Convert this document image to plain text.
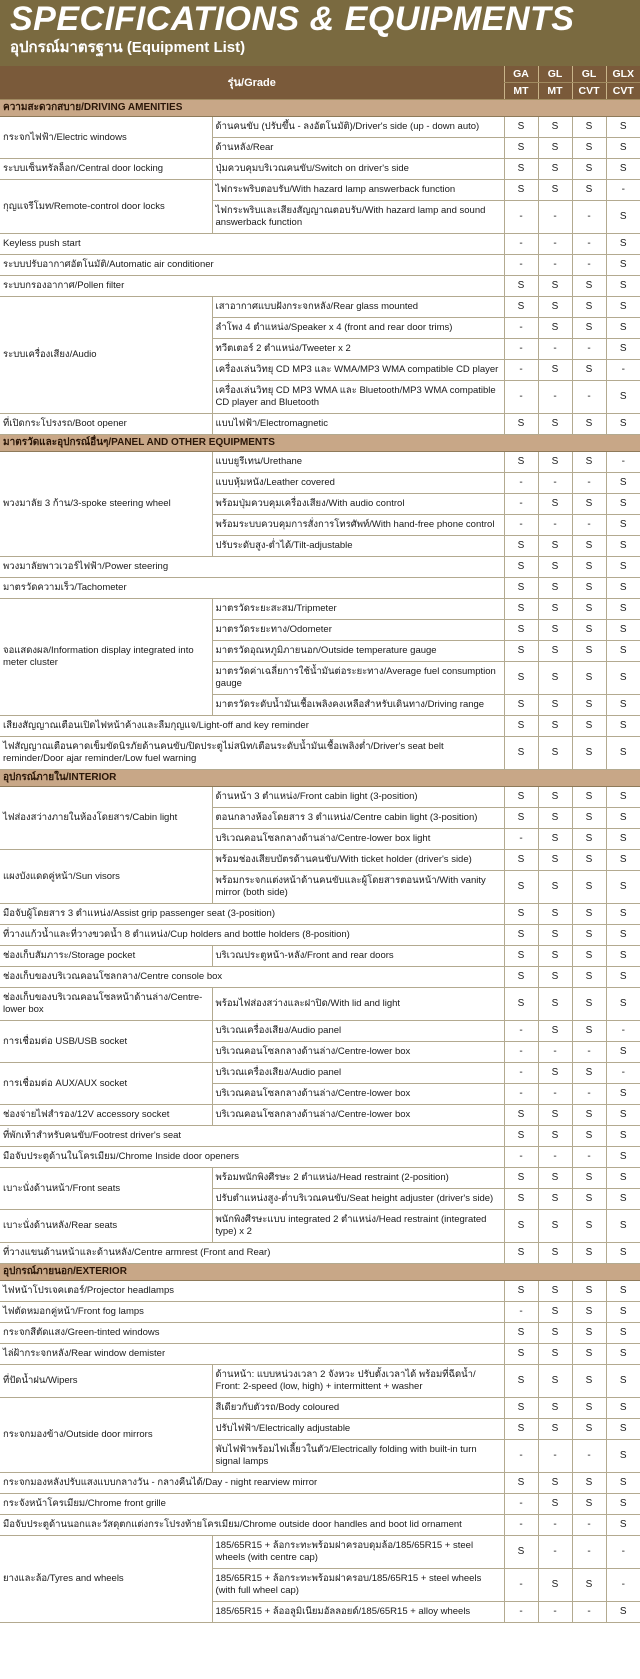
SPECIFICATIONS & EQUIPMENTS
อุปกรณ์มาตรฐาน (Equipment List)
รุ่น/Grade		GA	GL	GL	GLX
		MT	MT	CVT	CVT
ความสะดวกสบาย/DRIVING AMENITIES					
กระจกไฟฟ้า/Electric windows	ด้านคนขับ (ปรับขึ้น - ลงอัตโนมัติ)/Driver's side (up - down auto)	S	S	S	S
	ด้านหลัง/Rear	S	S	S	S
ระบบเซ็นทรัลล็อก/Central door locking	ปุ่มควบคุมบริเวณคนขับ/Switch on driver's side	S	S	S	S
กุญแจรีโมท/Remote-control door locks	ไฟกระพริบตอบรับ/With hazard lamp answerback function	S	S	S	-
	ไฟกระพริบและเสียงสัญญาณตอบรับ/With hazard lamp and sound answerback function	-	-	-	S
Keyless push start		-	-	-	S
ระบบปรับอากาศอัตโนมัติ/Automatic air conditioner		-	-	-	S
ระบบกรองอากาศ/Pollen filter		S	S	S	S
ระบบเครื่องเสียง/Audio	เสาอากาศแบบฝังกระจกหลัง/Rear glass mounted	S	S	S	S
	ลำโพง 4 ตำแหน่ง/Speaker x 4 (front and rear door trims)	-	S	S	S
	ทวีตเตอร์ 2 ตำแหน่ง/Tweeter x 2	-	-	-	S
	เครื่องเล่นวิทยุ CD MP3 และ WMA/MP3 WMA compatible CD player	-	S	S	-
	เครื่องเล่นวิทยุ CD MP3 WMA และ Bluetooth/MP3 WMA compatible CD player and Bluetooth	-	-	-	S
ที่เปิดกระโปรงรถ/Boot opener	แบบไฟฟ้า/Electromagnetic	S	S	S	S
มาตรวัดและอุปกรณ์อื่นๆ/PANEL AND OTHER EQUIPMENTS					
พวงมาลัย 3 ก้าน/3-spoke steering wheel	แบบยูรีเทน/Urethane	S	S	S	-
	แบบหุ้มหนัง/Leather covered	-	-	-	S
	พร้อมปุ่มควบคุมเครื่องเสียง/With audio control	-	S	S	S
	พร้อมระบบควบคุมการสั่งการโทรศัพท์/With hand-free phone control	-	-	-	S
	ปรับระดับสูง-ต่ำได้/Tilt-adjustable	S	S	S	S
พวงมาลัยพาวเวอร์ไฟฟ้า/Power steering		S	S	S	S
มาตรวัดความเร็ว/Tachometer		S	S	S	S
จอแสดงผล/Information display integrated into meter cluster	มาตรวัดระยะสะสม/Tripmeter	S	S	S	S
	มาตรวัดระยะทาง/Odometer	S	S	S	S
	มาตรวัดอุณหภูมิภายนอก/Outside temperature gauge	S	S	S	S
	มาตรวัดค่าเฉลี่ยการใช้น้ำมันต่อระยะทาง/Average fuel consumption gauge	S	S	S	S
	มาตรวัดระดับน้ำมันเชื้อเพลิงคงเหลือสำหรับเดินทาง/Driving range	S	S	S	S
เสียงสัญญาณเตือนเปิดไฟหน้าค้างและลืมกุญแจ/Light-off and key reminder		S	S	S	S
ไฟสัญญาณเตือนคาดเข็มขัดนิรภัยด้านคนขับ/ปิดประตูไม่สนิท/เตือนระดับน้ำมันเชื้อเพลิงต่ำ/Driver's seat belt reminder/Door ajar reminder/Low fuel warning		S	S	S	S
อุปกรณ์ภายใน/INTERIOR					
ไฟส่องสว่างภายในห้องโดยสาร/Cabin light	ด้านหน้า 3 ตำแหน่ง/Front cabin light (3-position)	S	S	S	S
	ตอนกลางห้องโดยสาร 3 ตำแหน่ง/Centre cabin light (3-position)	S	S	S	S
	บริเวณคอนโซลกลางด้านล่าง/Centre-lower box light	-	S	S	S
แผงบังแดดคู่หน้า/Sun visors	พร้อมช่องเสียบบัตรด้านคนขับ/With ticket holder (driver's side)	S	S	S	S
	พร้อมกระจกแต่งหน้าด้านคนขับและผู้โดยสารตอนหน้า/With vanity mirror (both side)	S	S	S	S
มือจับผู้โดยสาร 3 ตำแหน่ง/Assist grip passenger seat (3-position)		S	S	S	S
ที่วางแก้วน้ำและที่วางขวดน้ำ 8 ตำแหน่ง/Cup holders and bottle holders (8-position)		S	S	S	S
ช่องเก็บสัมภาระ/Storage pocket	บริเวณประตูหน้า-หลัง/Front and rear doors	S	S	S	S
ช่องเก็บของบริเวณคอนโซลกลาง/Centre console box		S	S	S	S
ช่องเก็บของบริเวณคอนโซลหน้าด้านล่าง/Centre-lower box	พร้อมไฟส่องสว่างและฝาปิด/With lid and light	S	S	S	S
การเชื่อมต่อ USB/USB socket	บริเวณเครื่องเสียง/Audio panel	-	S	S	-
	บริเวณคอนโซลกลางด้านล่าง/Centre-lower box	-	-	-	S
การเชื่อมต่อ AUX/AUX socket	บริเวณเครื่องเสียง/Audio panel	-	S	S	-
	บริเวณคอนโซลกลางด้านล่าง/Centre-lower box	-	-	-	S
ช่องจ่ายไฟสำรอง/12V accessory socket	บริเวณคอนโซลกลางด้านล่าง/Centre-lower box	S	S	S	S
ที่พักเท้าสำหรับคนขับ/Footrest driver's seat		S	S	S	S
มือจับประตูด้านในโครเมียม/Chrome Inside door openers		-	-	-	S
เบาะนั่งด้านหน้า/Front seats	พร้อมพนักพิงศีรษะ 2 ตำแหน่ง/Head restraint (2-position)	S	S	S	S
	ปรับตำแหน่งสูง-ต่ำบริเวณคนขับ/Seat height adjuster (driver's side)	S	S	S	S
เบาะนั่งด้านหลัง/Rear seats	พนักพิงศีรษะแบบ integrated 2 ตำแหน่ง/Head restraint (integrated type) x 2	S	S	S	S
ที่วางแขนด้านหน้าและด้านหลัง/Centre armrest (Front and Rear)		S	S	S	S
อุปกรณ์ภายนอก/EXTERIOR					
ไฟหน้าโปรเจคเตอร์/Projector headlamps		S	S	S	S
ไฟตัดหมอกคู่หน้า/Front fog lamps		-	S	S	S
กระจกสีตัดแสง/Green-tinted windows		S	S	S	S
ไล่ฝ้ากระจกหลัง/Rear window demister		S	S	S	S
ที่ปัดน้ำฝน/Wipers	ด้านหน้า: แบบหน่วงเวลา 2 จังหวะ ปรับตั้งเวลาได้ พร้อมที่ฉีดน้ำ/ Front: 2-speed (low, high) + intermittent + washer	S	S	S	S
กระจกมองข้าง/Outside door mirrors	สีเดียวกับตัวรถ/Body coloured	S	S	S	S
	ปรับไฟฟ้า/Electrically adjustable	S	S	S	S
	พับไฟฟ้าพร้อมไฟเลี้ยวในตัว/Electrically folding with built-in turn signal lamps	-	-	-	S
กระจกมองหลังปรับแสงแบบกลางวัน - กลางคืนได้/Day - night rearview mirror		S	S	S	S
กระจังหน้าโครเมียม/Chrome front grille		-	S	S	S
มือจับประตูด้านนอกและวัสดุตกแต่งกระโปรงท้ายโครเมียม/Chrome outside door handles and boot lid ornament		-	-	-	S
ยางและล้อ/Tyres and wheels	185/65R15 + ล้อกระทะพร้อมฝาครอบดุมล้อ/185/65R15 + steel wheels (with centre cap)	S	-	-	-
	185/65R15 + ล้อกระทะพร้อมฝาครอบ/185/65R15 + steel wheels (with full wheel cap)	-	S	S	-
	185/65R15 + ล้ออลูมิเนียมอัลลอยด์/185/65R15 + alloy wheels	-	-	-	S
